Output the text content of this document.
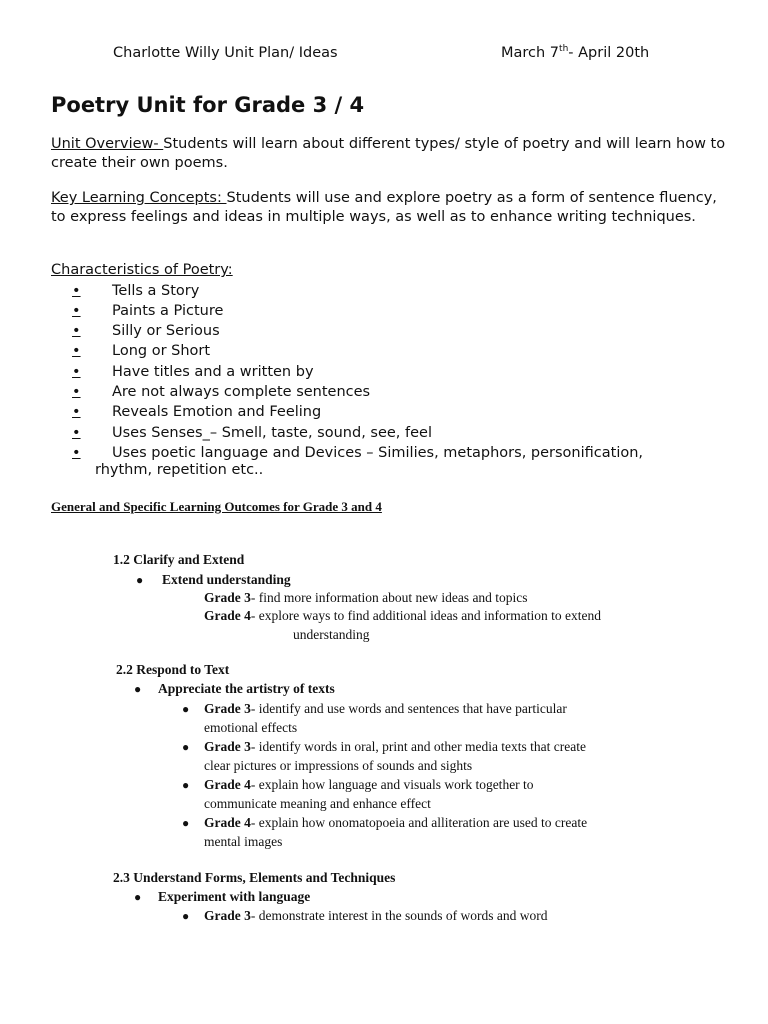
Charlotte Willy Unit Plan/ Ideas	March 7th- April 20th
Poetry Unit for Grade 3 / 4
Unit Overview- Students will learn about different types/ style of poetry and will learn how to create their own poems.
Key Learning Concepts: Students will use and explore poetry as a form of sentence fluency, to express feelings and ideas in multiple ways, as well as to enhance writing techniques.
Characteristics of Poetry:
• Tells a Story
• Paints a Picture
• Silly or Serious
• Long or Short
• Have titles and a written by
• Are not always complete sentences
• Reveals Emotion and Feeling
• Uses Senses_– Smell, taste, sound, see, feel
• Uses poetic language and Devices – Similies, metaphors, personification,
rhythm, repetition etc..
General and Specific Learning Outcomes for Grade 3 and 4
1.2 Clarify and Extend
● Extend understanding
Grade 3- find more information about new ideas and topics
Grade 4- explore ways to find additional ideas and information to extend
understanding
2.2 Respond to Text
● Appreciate the artistry of texts
● Grade 3- identify and use words and sentences that have particular
emotional effects
● Grade 3- identify words in oral, print and other media texts that create
clear pictures or impressions of sounds and sights
● Grade 4- explain how language and visuals work together to
communicate meaning and enhance effect
● Grade 4- explain how onomatopoeia and alliteration are used to create
mental images
2.3 Understand Forms, Elements and Techniques
● Experiment with language
● Grade 3- demonstrate interest in the sounds of words and word
